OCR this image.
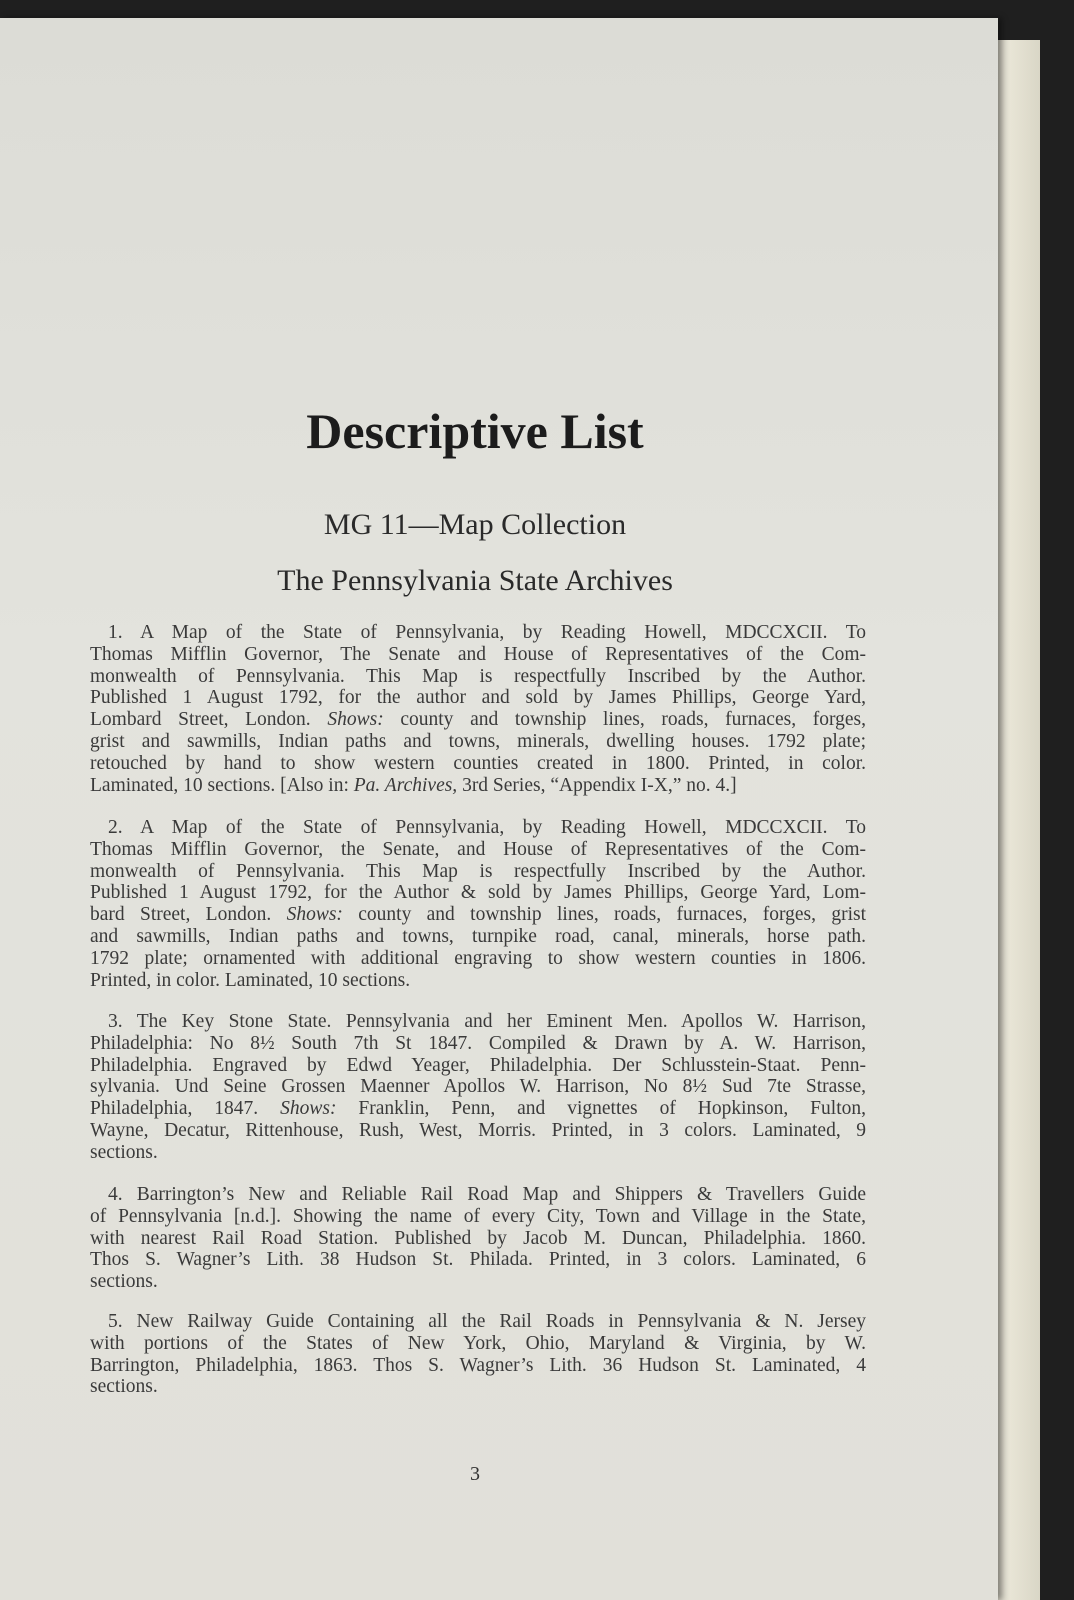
Descriptive List
MG 11—Map Collection
The Pennsylvania State Archives
1. A Map of the State of Pennsylvania, by Reading Howell, MDCCXCII. To
Thomas Mifflin Governor, The Senate and House of Representatives of the Com-
monwealth of Pennsylvania. This Map is respectfully Inscribed by the Author.
Published 1 August 1792, for the author and sold by James Phillips, George Yard,
Lombard Street, London. Shows: county and township lines, roads, furnaces, forges,
grist and sawmills, Indian paths and towns, minerals, dwelling houses. 1792 plate;
retouched by hand to show western counties created in 1800. Printed, in color.
Laminated, 10 sections. [Also in: Pa. Archives, 3rd Series, “Appendix I-X,” no. 4.]
2. A Map of the State of Pennsylvania, by Reading Howell, MDCCXCII. To
Thomas Mifflin Governor, the Senate, and House of Representatives of the Com-
monwealth of Pennsylvania. This Map is respectfully Inscribed by the Author.
Published 1 August 1792, for the Author & sold by James Phillips, George Yard, Lom-
bard Street, London. Shows: county and township lines, roads, furnaces, forges, grist
and sawmills, Indian paths and towns, turnpike road, canal, minerals, horse path.
1792 plate; ornamented with additional engraving to show western counties in 1806.
Printed, in color. Laminated, 10 sections.
3. The Key Stone State. Pennsylvania and her Eminent Men. Apollos W. Harrison,
Philadelphia: No 8½ South 7th St 1847. Compiled & Drawn by A. W. Harrison,
Philadelphia. Engraved by Edwd Yeager, Philadelphia. Der Schlusstein-Staat. Penn-
sylvania. Und Seine Grossen Maenner Apollos W. Harrison, No 8½ Sud 7te Strasse,
Philadelphia, 1847. Shows: Franklin, Penn, and vignettes of Hopkinson, Fulton,
Wayne, Decatur, Rittenhouse, Rush, West, Morris. Printed, in 3 colors. Laminated, 9
sections.
4. Barrington’s New and Reliable Rail Road Map and Shippers & Travellers Guide
of Pennsylvania [n.d.]. Showing the name of every City, Town and Village in the State,
with nearest Rail Road Station. Published by Jacob M. Duncan, Philadelphia. 1860.
Thos S. Wagner’s Lith. 38 Hudson St. Philada. Printed, in 3 colors. Laminated, 6
sections.
5. New Railway Guide Containing all the Rail Roads in Pennsylvania & N. Jersey
with portions of the States of New York, Ohio, Maryland & Virginia, by W.
Barrington, Philadelphia, 1863. Thos S. Wagner’s Lith. 36 Hudson St. Laminated, 4
sections.
3
